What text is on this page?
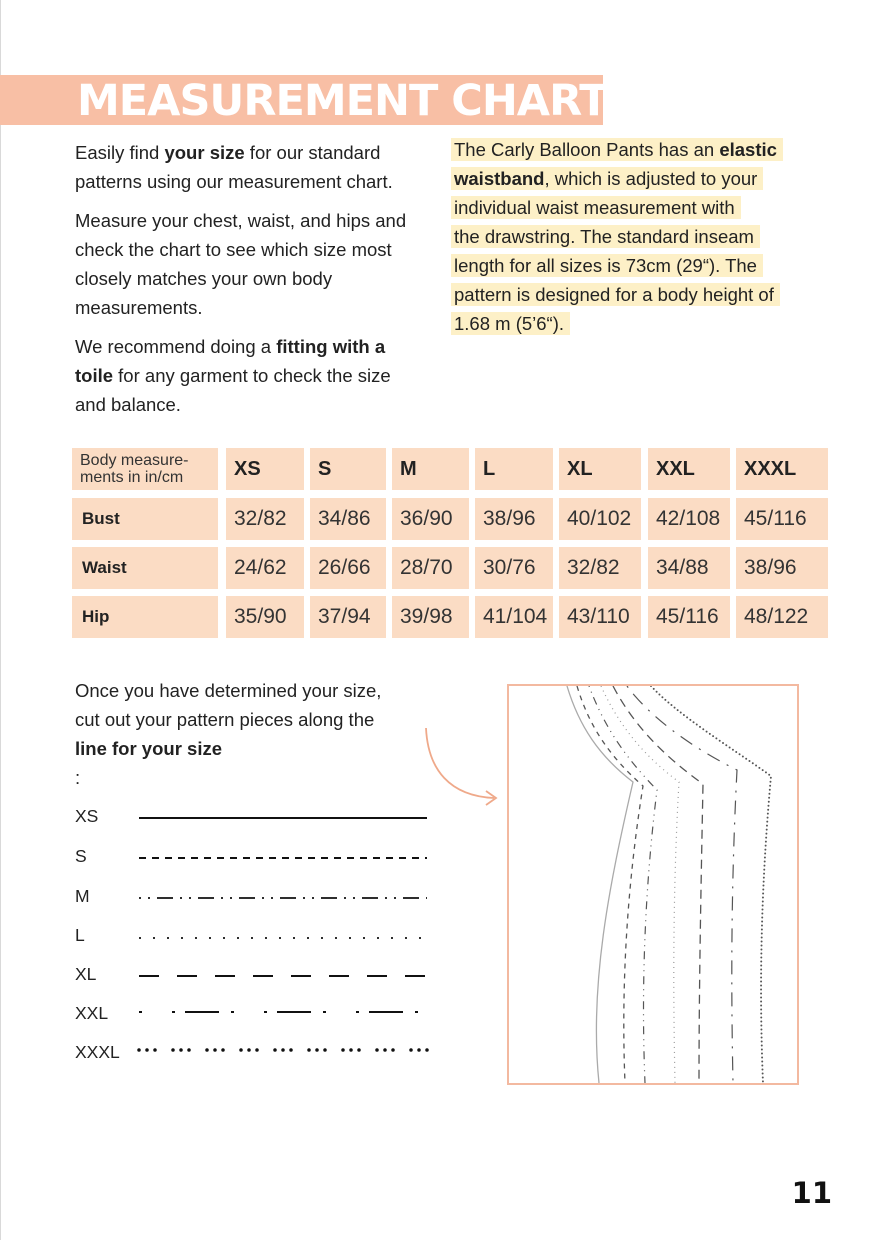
MEASUREMENT CHART

Easily find your size for our standard patterns using our measurement chart.

Measure your chest, waist, and hips and check the chart to see which size most closely matches your own body measurements.

We recommend doing a fitting with a toile for any garment to check the size and balance.

The Carly Balloon Pants has an elastic
waistband, which is adjusted to your
individual waist measurement with
the drawstring. The standard inseam
length for all sizes is 73cm (29“). The
pattern is designed for a body height of
1.68 m (5’6“).
Body measure-
ments in in/cm	XS	S	M	L	XL	XXL	XXXL
Bust	32/82	34/86	36/90	38/96	40/102	42/108	45/116
Waist	24/62	26/66	28/70	30/76	32/82	34/88	38/96
Hip	35/90	37/94	39/98	41/104 43/110	45/116	48/122

Once you have determined your size,
cut out your pattern pieces along the
line for your size
:

XS
S
M
L
XL
XXL
XXXL
11
